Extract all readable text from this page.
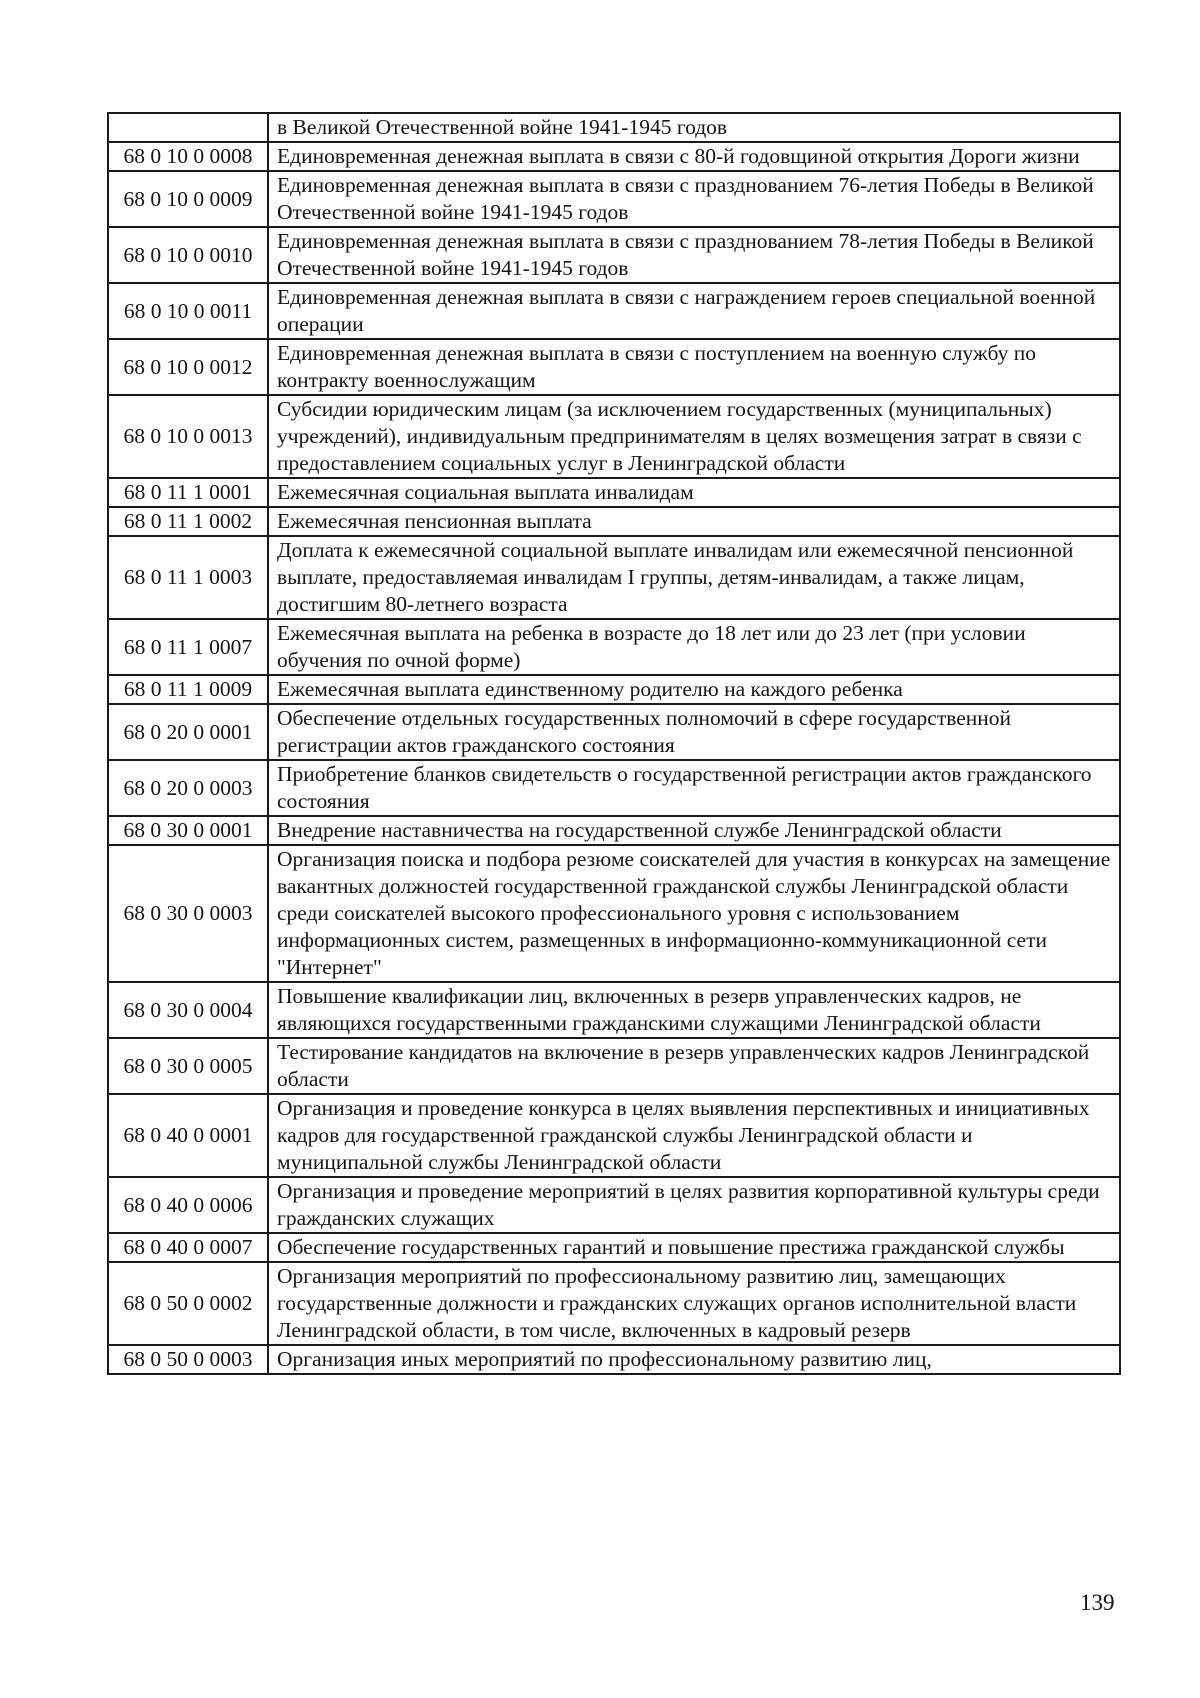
	в Великой Отечественной войне 1941-1945 годов
68 0 10 0 0008	Единовременная денежная выплата в связи с 80-й годовщиной открытия Дороги жизни
68 0 10 0 0009	Единовременная денежная выплата в связи с празднованием 76-летия Победы в Великой Отечественной войне 1941-1945 годов
68 0 10 0 0010	Единовременная денежная выплата в связи с празднованием 78-летия Победы в Великой Отечественной войне 1941-1945 годов
68 0 10 0 0011	Единовременная денежная выплата в связи с награждением героев специальной военной операции
68 0 10 0 0012	Единовременная денежная выплата в связи с поступлением на военную службу по контракту военнослужащим
68 0 10 0 0013	Субсидии юридическим лицам (за исключением государственных (муниципальных) учреждений), индивидуальным предпринимателям в целях возмещения затрат в связи с предоставлением социальных услуг в Ленинградской области
68 0 11 1 0001	Ежемесячная социальная выплата инвалидам
68 0 11 1 0002	Ежемесячная пенсионная выплата
68 0 11 1 0003	Доплата к ежемесячной социальной выплате инвалидам или ежемесячной пенсионной выплате, предоставляемая инвалидам I группы, детям-инвалидам, а также лицам, достигшим 80-летнего возраста
68 0 11 1 0007	Ежемесячная выплата на ребенка в возрасте до 18 лет или до 23 лет (при условии обучения по очной форме)
68 0 11 1 0009	Ежемесячная выплата единственному родителю на каждого ребенка
68 0 20 0 0001	Обеспечение отдельных государственных полномочий в сфере государственной регистрации актов гражданского состояния
68 0 20 0 0003	Приобретение бланков свидетельств о государственной регистрации актов гражданского состояния
68 0 30 0 0001	Внедрение наставничества на государственной службе Ленинградской области
68 0 30 0 0003	Организация поиска и подбора резюме соискателей для участия в конкурсах на замещение вакантных должностей государственной гражданской службы Ленинградской области среди соискателей высокого профессионального уровня с использованием информационных систем, размещенных в информационно-коммуникационной сети "Интернет"
68 0 30 0 0004	Повышение квалификации лиц, включенных в резерв управленческих кадров, не являющихся государственными гражданскими служащими Ленинградской области
68 0 30 0 0005	Тестирование кандидатов на включение в резерв управленческих кадров Ленинградской области
68 0 40 0 0001	Организация и проведение конкурса в целях выявления перспективных и инициативных кадров для государственной гражданской службы Ленинградской области и муниципальной службы Ленинградской области
68 0 40 0 0006	Организация и проведение мероприятий в целях развития корпоративной культуры среди гражданских служащих
68 0 40 0 0007	Обеспечение государственных гарантий и повышение престижа гражданской службы
68 0 50 0 0002	Организация мероприятий по профессиональному развитию лиц, замещающих государственные должности и гражданских служащих органов исполнительной власти Ленинградской области, в том числе, включенных в кадровый резерв
68 0 50 0 0003	Организация иных мероприятий по профессиональному развитию лиц,
139
